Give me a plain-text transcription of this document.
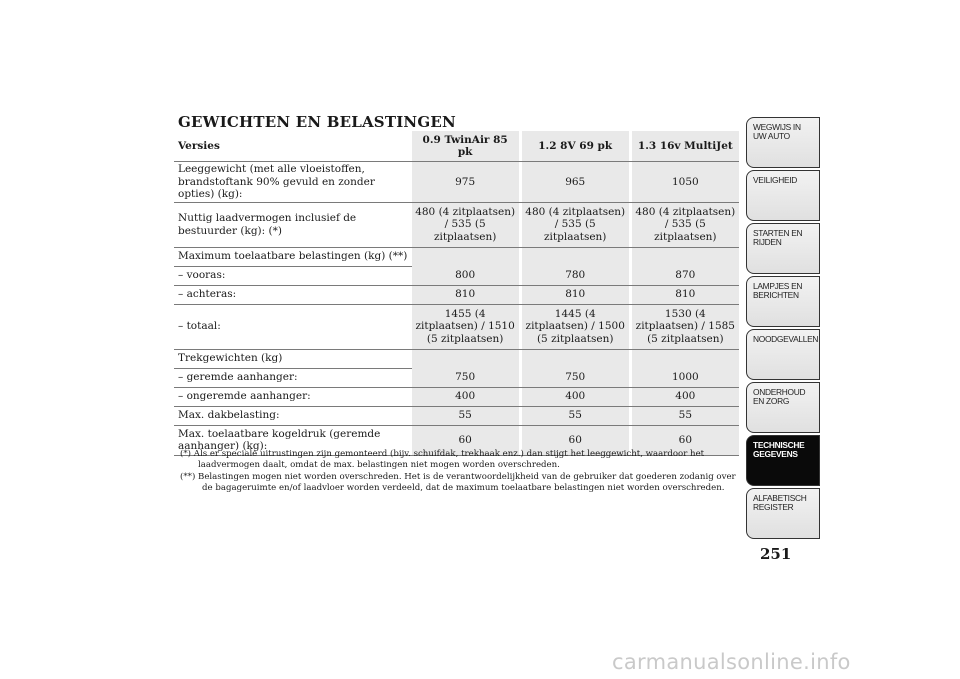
GEWICHTEN EN BELASTINGEN
Versies	0.9 TwinAir 85 pk		1.2 8V 69 pk		1.3 16v MultiJet
Leeggewicht (met alle vloeistoffen, brandstoftank 90% gevuld en zonder opties) (kg):	975		965		1050
Nuttig laadvermogen inclusief de bestuurder (kg): (*)	480 (4 zitplaatsen) / 535 (5 zitplaatsen)		480 (4 zitplaatsen) / 535 (5 zitplaatsen)		480 (4 zitplaatsen) / 535 (5 zitplaatsen)
Maximum toelaatbare belastingen (kg) (**)					
– vooras:	800		780		870
– achteras:	810		810		810
– totaal:	1455 (4 zitplaatsen) / 1510 (5 zitplaatsen)		1445 (4 zitplaatsen) / 1500 (5 zitplaatsen)		1530 (4 zitplaatsen) / 1585 (5 zitplaatsen)
Trekgewichten (kg)					
– geremde aanhanger:	750		750		1000
– ongeremde aanhanger:	400		400		400
Max. dakbelasting:	55		55		55
Max. toelaatbare kogeldruk (geremde aanhanger) (kg):	60		60		60

(*) Als er speciale uitrustingen zijn gemonteerd (bijv. schuifdak, trekhaak enz.) dan stijgt het leeggewicht, waardoor het laadvermogen daalt, omdat de max. belastingen niet mogen worden overschreden.

(**) Belastingen mogen niet worden overschreden. Het is de verantwoordelijkheid van de gebruiker dat goederen zodanig over de bagageruimte en/of laadvloer worden verdeeld, dat de maximum toelaatbare belastingen niet worden overschreden.

WEGWIJS IN UW AUTO
VEILIGHEID
STARTEN EN RIJDEN
LAMPJES EN BERICHTEN
NOODGEVALLEN
ONDERHOUD EN ZORG
TECHNISCHE GEGEVENS
ALFABETISCH REGISTER
251
carmanualsonline.info
